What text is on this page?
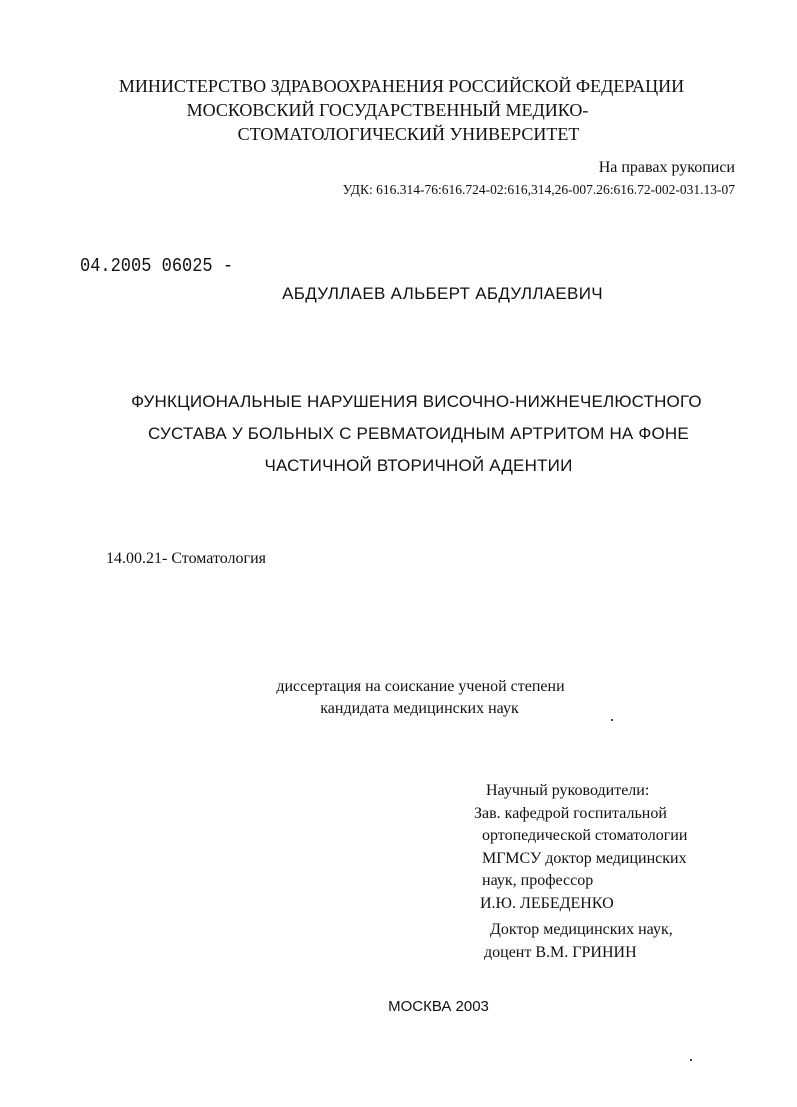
МИНИСТЕРСТВО ЗДРАВООХРАНЕНИЯ РОССИЙСКОЙ ФЕДЕРАЦИИ
МОСКОВСКИЙ ГОСУДАРСТВЕННЫЙ МЕДИКО-
СТОМАТОЛОГИЧЕСКИЙ УНИВЕРСИТЕТ
На правах рукописи
УДК: 616.314-76:616.724-02:616,314,26-007.26:616.72-002-031.13-07
04.2005 06025 ‐
АБДУЛЛАЕВ АЛЬБЕРТ АБДУЛЛАЕВИЧ
ФУНКЦИОНАЛЬНЫЕ НАРУШЕНИЯ ВИСОЧНО-НИЖНЕЧЕЛЮСТНОГО
СУСТАВА У БОЛЬНЫХ С РЕВМАТОИДНЫМ АРТРИТОМ НА ФОНЕ
ЧАСТИЧНОЙ ВТОРИЧНОЙ АДЕНТИИ
14.00.21- Стоматология
диссертация на соискание ученой степени
кандидата медицинских наук
Научный руководители:
Зав. кафедрой госпитальной
ортопедической стоматологии
МГМСУ доктор медицинских
наук, профессор
И.Ю. ЛЕБЕДЕНКО
Доктор медицинских наук,
доцент В.М. ГРИНИН
МОСКВА 2003
